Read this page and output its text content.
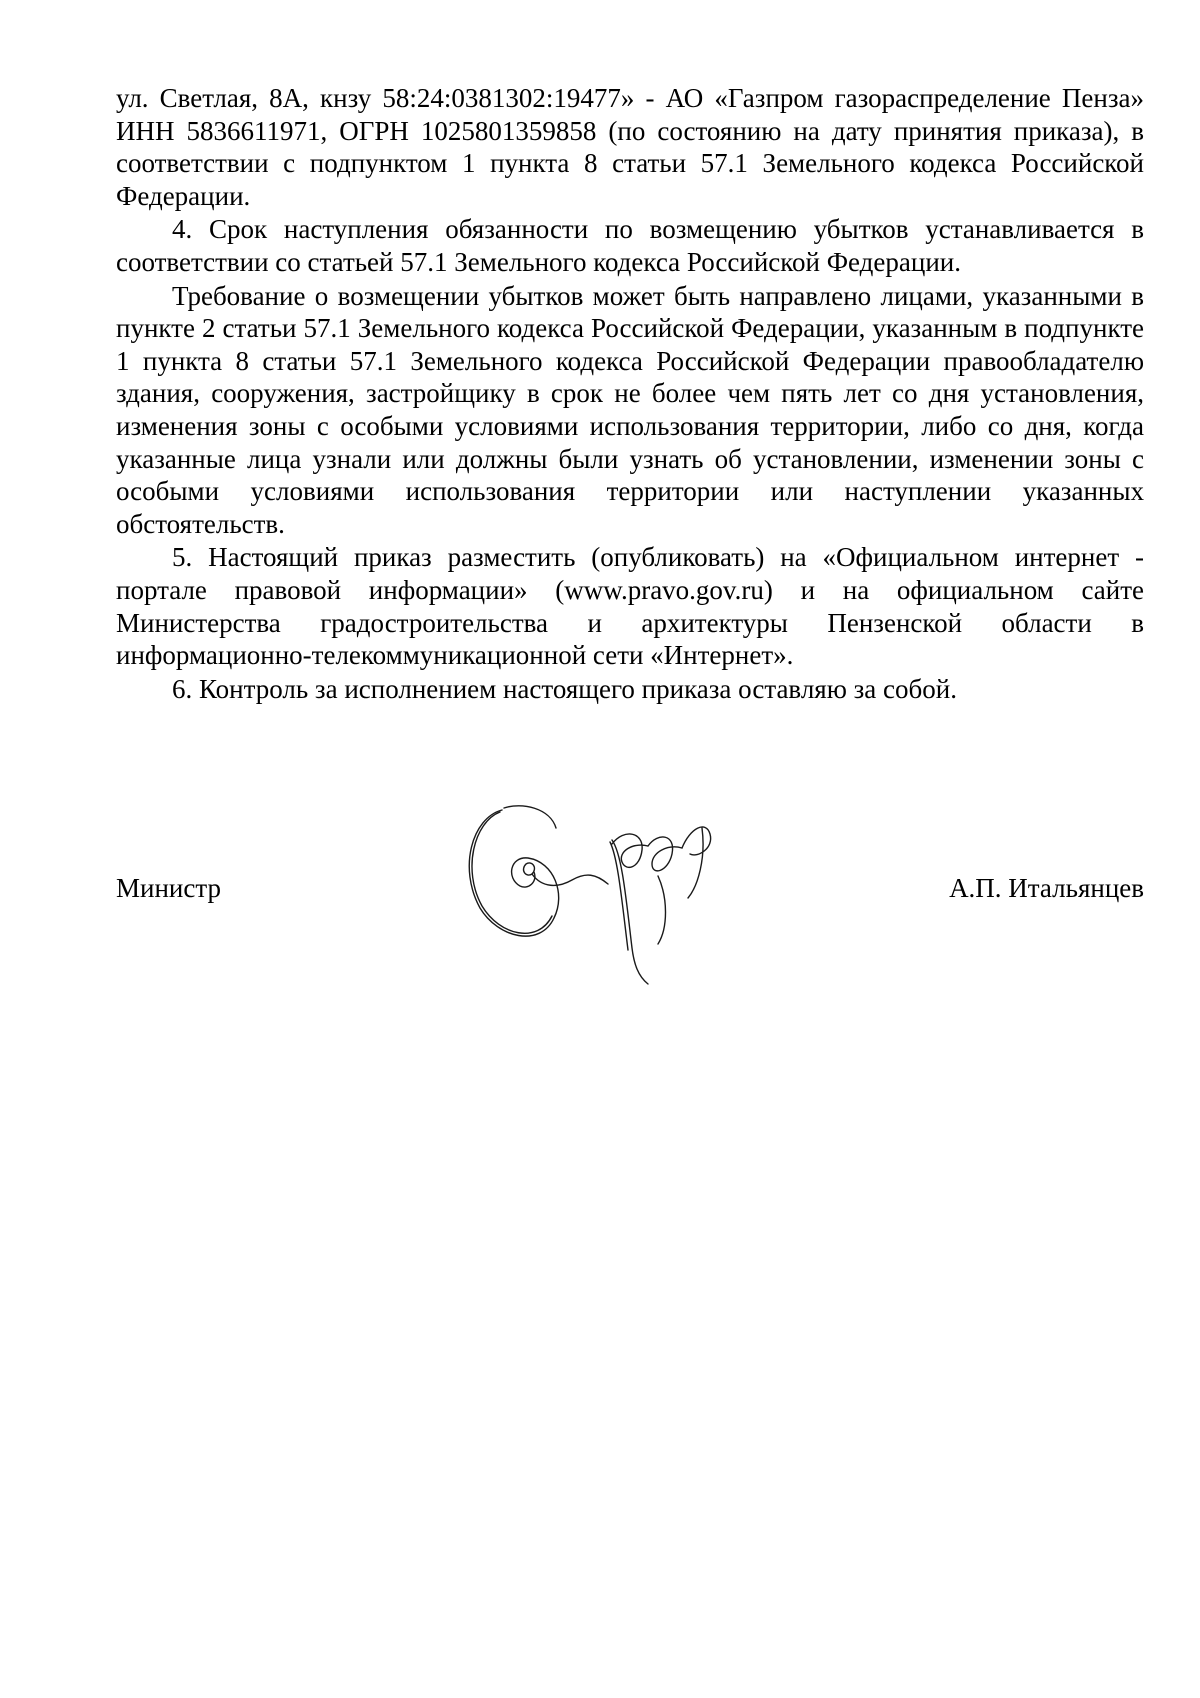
ул. Светлая, 8А, кнзу 58:24:0381302:19477» - АО «Газпром газораспределение Пенза» ИНН 5836611971, ОГРН 1025801359858 (по состоянию на дату принятия приказа), в соответствии с подпунктом 1 пункта 8 статьи 57.1 Земельного кодекса Российской Федерации.

4. Срок наступления обязанности по возмещению убытков устанавливается в соответствии со статьей 57.1 Земельного кодекса Российской Федерации.

Требование о возмещении убытков может быть направлено лицами, указанными в пункте 2 статьи 57.1 Земельного кодекса Российской Федерации, указанным в подпункте 1 пункта 8 статьи 57.1 Земельного кодекса Российской Федерации правообладателю здания, сооружения, застройщику в срок не более чем пять лет со дня установления, изменения зоны с особыми условиями использования территории, либо со дня, когда указанные лица узнали или должны были узнать об установлении, изменении зоны с особыми условиями использования территории или наступлении указанных обстоятельств.

5. Настоящий приказ разместить (опубликовать) на «Официальном интернет - портале правовой информации» (www.pravo.gov.ru) и на официальном сайте Министерства градостроительства и архитектуры Пензенской области в информационно-телекоммуникационной сети «Интернет».

6. Контроль за исполнением настоящего приказа оставляю за собой.

Министр	А.П. Итальянцев
